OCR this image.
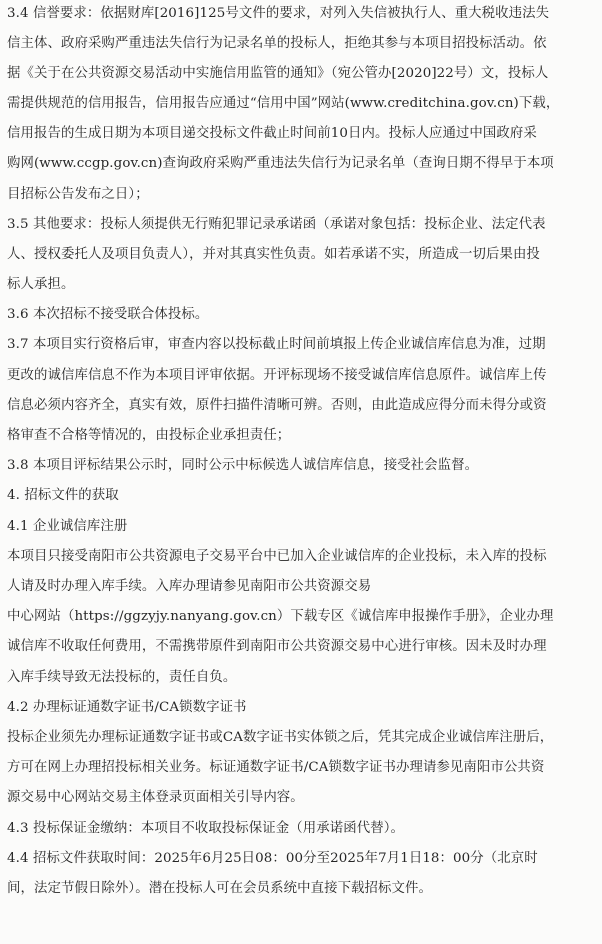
3.4 信誉要求：依据财库[2016]125号文件的要求，对列入失信被执行人、重大税收违法失
信主体、政府采购严重违法失信行为记录名单的投标人，拒绝其参与本项目招投标活动。依
据《关于在公共资源交易活动中实施信用监管的通知》（宛公管办[2020]22号）文，投标人
需提供规范的信用报告，信用报告应通过“信用中国”网站(www.creditchina.gov.cn)下载，
信用报告的生成日期为本项目递交投标文件截止时间前10日内。投标人应通过中国政府采
购网(www.ccgp.gov.cn)查询政府采购严重违法失信行为记录名单（查询日期不得早于本项
目招标公告发布之日）；
3.5 其他要求：投标人须提供无行贿犯罪记录承诺函（承诺对象包括：投标企业、法定代表
人、授权委托人及项目负责人），并对其真实性负责。如若承诺不实，所造成一切后果由投
标人承担。
3.6 本次招标不接受联合体投标。
3.7 本项目实行资格后审，审查内容以投标截止时间前填报上传企业诚信库信息为准，过期
更改的诚信库信息不作为本项目评审依据。开评标现场不接受诚信库信息原件。诚信库上传
信息必须内容齐全，真实有效，原件扫描件清晰可辨。否则，由此造成应得分而未得分或资
格审查不合格等情况的，由投标企业承担责任；
3.8 本项目评标结果公示时，同时公示中标候选人诚信库信息，接受社会监督。
4. 招标文件的获取
4.1 企业诚信库注册
本项目只接受南阳市公共资源电子交易平台中已加入企业诚信库的企业投标，未入库的投标
人请及时办理入库手续。入库办理请参见南阳市公共资源交易
中心网站（https://ggzyjy.nanyang.gov.cn）下载专区《诚信库申报操作手册》，企业办理
诚信库不收取任何费用，不需携带原件到南阳市公共资源交易中心进行审核。因未及时办理
入库手续导致无法投标的，责任自负。
4.2 办理标证通数字证书/CA锁数字证书
投标企业须先办理标证通数字证书或CA数字证书实体锁之后，凭其完成企业诚信库注册后，
方可在网上办理招投标相关业务。标证通数字证书/CA锁数字证书办理请参见南阳市公共资
源交易中心网站交易主体登录页面相关引导内容。
4.3 投标保证金缴纳：本项目不收取投标保证金（用承诺函代替）。
4.4 招标文件获取时间：2025年6月25日08：00分至2025年7月1日18：00分（北京时
间，法定节假日除外）。潜在投标人可在会员系统中直接下载招标文件。
